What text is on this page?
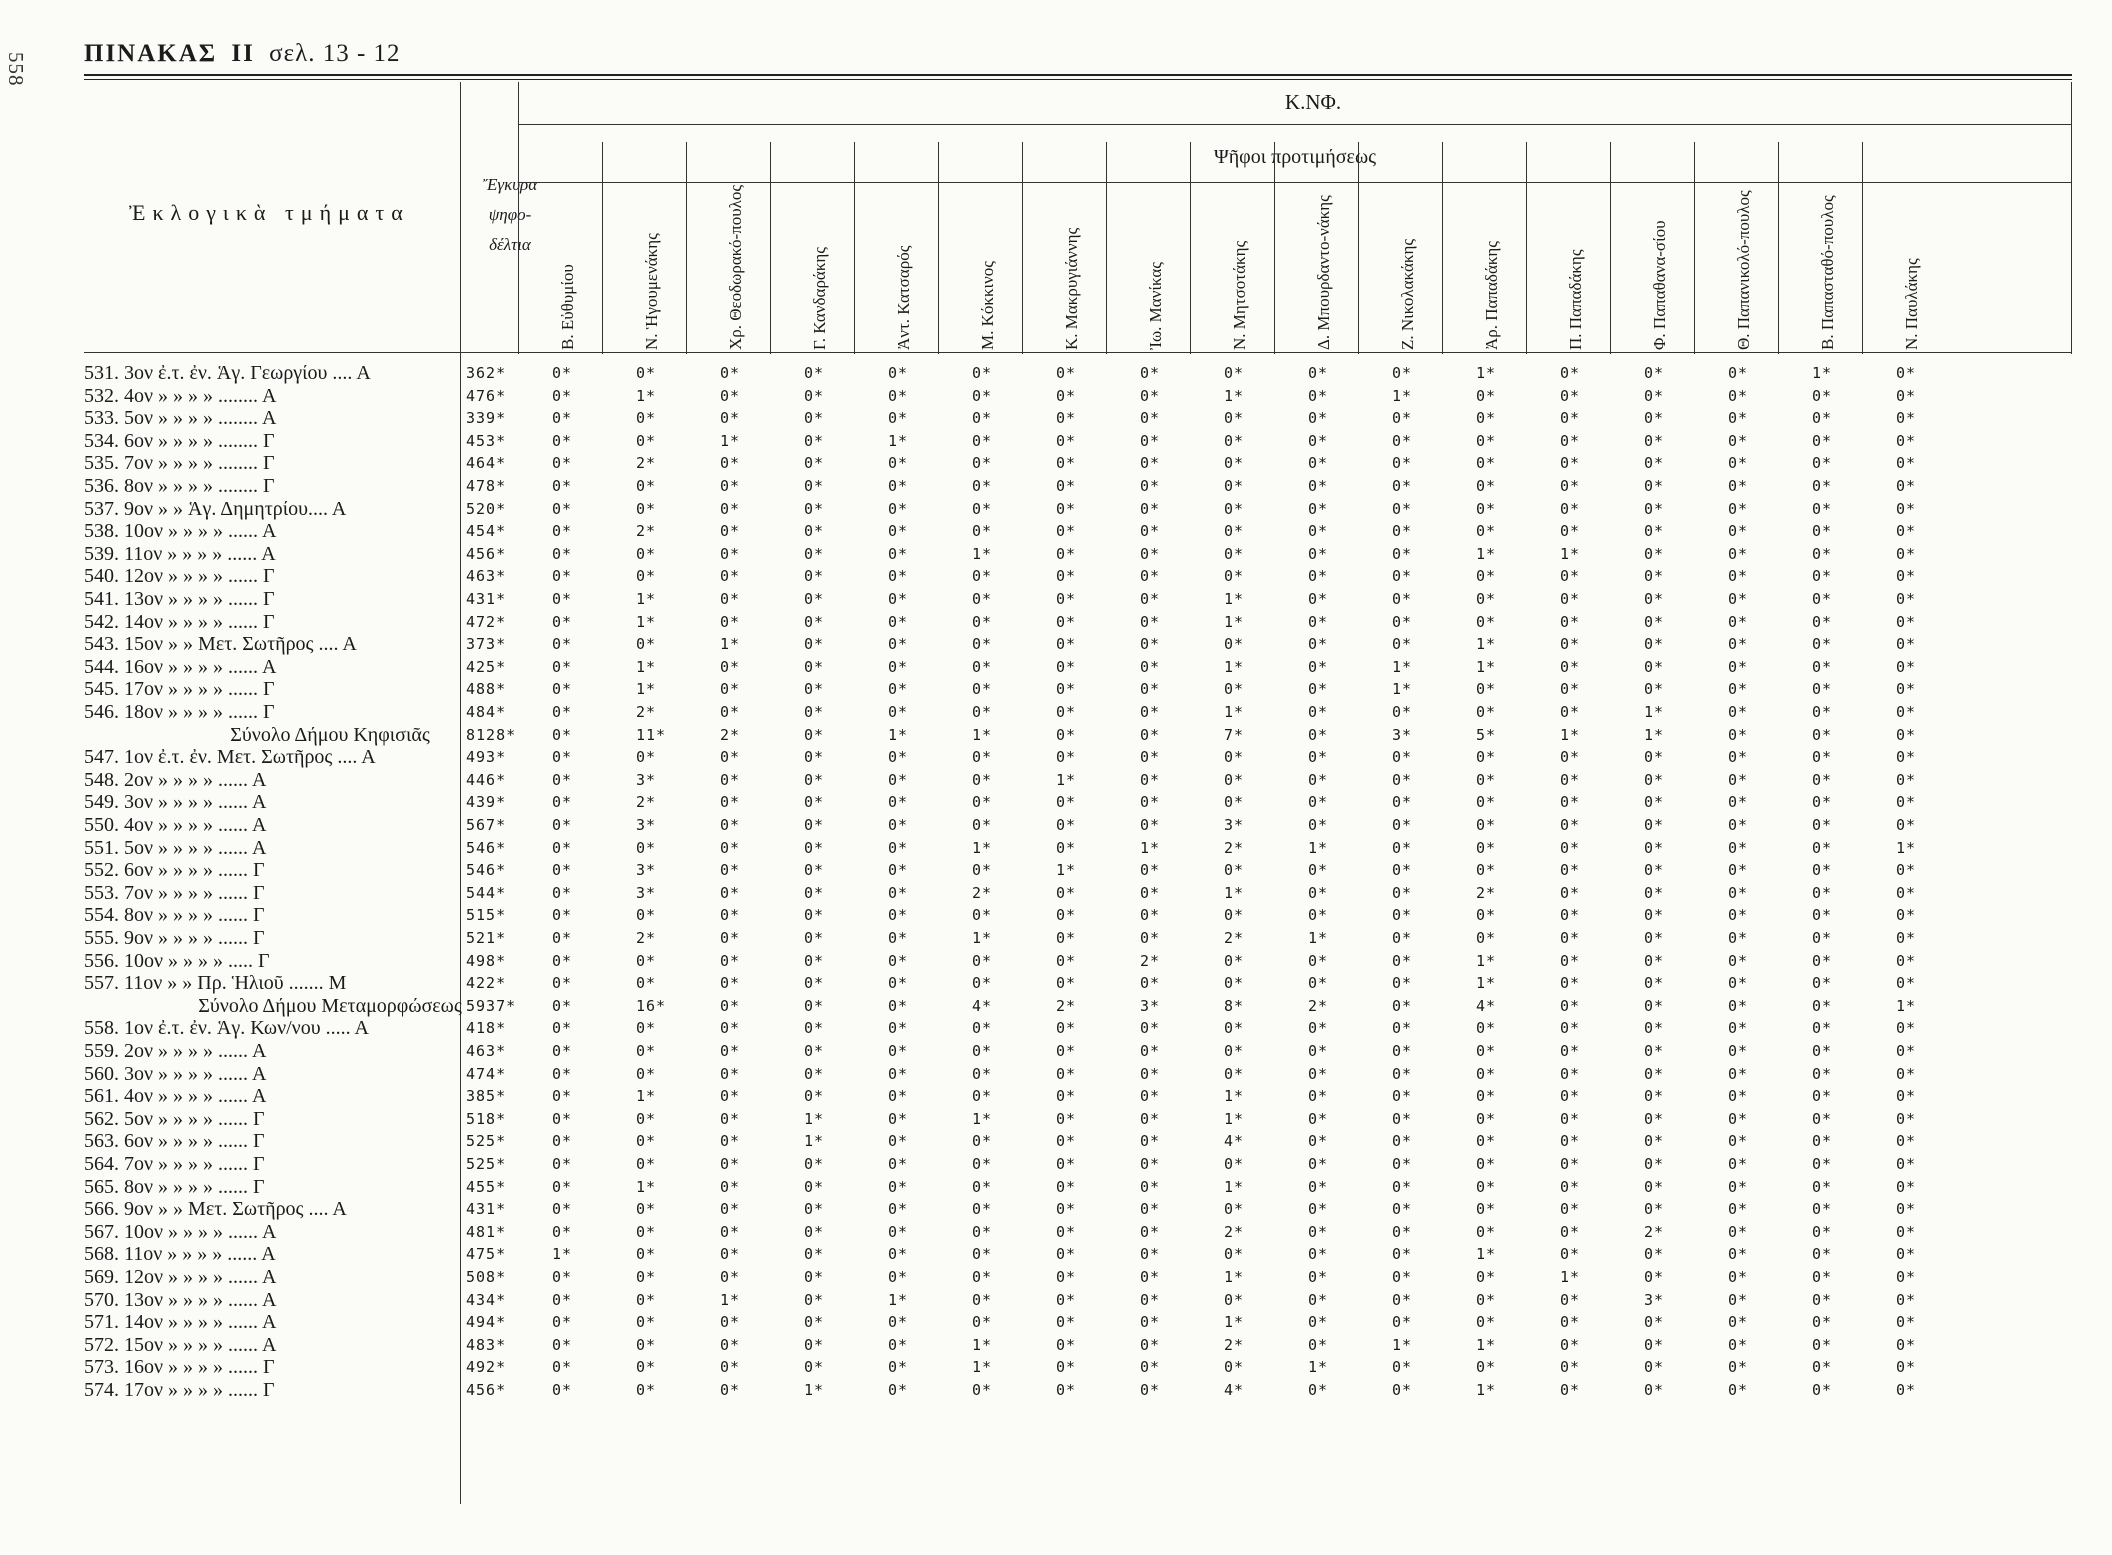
558 ΠΙΝΑΚΑΣ II σελ. 13 - 12
Ἐκλογικὰ τμήματα
Ἔγκυρα
ψηφο-
δέλτια
Κ.ΝΦ.
Ψῆφοι προτιμήσεως
Β. Εὐθυμίου	Ν. Ἡγουμενάκης	Χρ. Θεοδωρακό-πουλος	Γ. Κανδαράκης	Ἀντ. Κατσαρός	Μ. Κόκκινος	Κ. Μακρυγιάννης	Ἰω. Μανίκας	Ν. Μητσοτάκης	Δ. Μπουρδαντο-νάκης	Ζ. Νικολακάκης	Ἀρ. Παπαδάκης	Π. Παπαδάκης	Φ. Παπαθανα-σίου	Θ. Παπανικολό-πουλος	Β. Παπασταθό-πουλος	Ν. Παυλάκης
531. 3ον ἐ.τ. ἐν. Ἁγ. Γεωργίου .... Α	362*	0*	0*	0*	0*	0*	0*	0*	0*	0*	0*	0*	1*	0*	0*	0*	1*	0*
532. 4ον » » » » ........ Α	476*	0*	1*	0*	0*	0*	0*	0*	0*	1*	0*	1*	0*	0*	0*	0*	0*	0*
533. 5ον » » » » ........ Α	339*	0*	0*	0*	0*	0*	0*	0*	0*	0*	0*	0*	0*	0*	0*	0*	0*	0*
534. 6ον » » » » ........ Γ	453*	0*	0*	1*	0*	1*	0*	0*	0*	0*	0*	0*	0*	0*	0*	0*	0*	0*
535. 7ον » » » » ........ Γ	464*	0*	2*	0*	0*	0*	0*	0*	0*	0*	0*	0*	0*	0*	0*	0*	0*	0*
536. 8ον » » » » ........ Γ	478*	0*	0*	0*	0*	0*	0*	0*	0*	0*	0*	0*	0*	0*	0*	0*	0*	0*
537. 9ον » » Ἁγ. Δημητρίου.... Α	520*	0*	0*	0*	0*	0*	0*	0*	0*	0*	0*	0*	0*	0*	0*	0*	0*	0*
538. 10ον » » » » ...... Α	454*	0*	2*	0*	0*	0*	0*	0*	0*	0*	0*	0*	0*	0*	0*	0*	0*	0*
539. 11ον » » » » ...... Α	456*	0*	0*	0*	0*	0*	1*	0*	0*	0*	0*	0*	1*	1*	0*	0*	0*	0*
540. 12ον » » » » ...... Γ	463*	0*	0*	0*	0*	0*	0*	0*	0*	0*	0*	0*	0*	0*	0*	0*	0*	0*
541. 13ον » » » » ...... Γ	431*	0*	1*	0*	0*	0*	0*	0*	0*	1*	0*	0*	0*	0*	0*	0*	0*	0*
542. 14ον » » » » ...... Γ	472*	0*	1*	0*	0*	0*	0*	0*	0*	1*	0*	0*	0*	0*	0*	0*	0*	0*
543. 15ον » » Μετ. Σωτῆρος .... Α	373*	0*	0*	1*	0*	0*	0*	0*	0*	0*	0*	0*	1*	0*	0*	0*	0*	0*
544. 16ον » » » » ...... Α	425*	0*	1*	0*	0*	0*	0*	0*	0*	1*	0*	1*	1*	0*	0*	0*	0*	0*
545. 17ον » » » » ...... Γ	488*	0*	1*	0*	0*	0*	0*	0*	0*	0*	0*	1*	0*	0*	0*	0*	0*	0*
546. 18ον » » » » ...... Γ	484*	0*	2*	0*	0*	0*	0*	0*	0*	1*	0*	0*	0*	0*	1*	0*	0*	0*
Σύνολο Δήμου Κηφισιᾶς	8128* 0*	11*	2*	0*	1*	1*	0*	0*	7*	0*	3*	5*	1*	1*	0*	0*	0*
547. 1ον ἐ.τ. ἐν. Μετ. Σωτῆρος .... Α	493*	0*	0*	0*	0*	0*	0*	0*	0*	0*	0*	0*	0*	0*	0*	0*	0*	0*
548. 2ον » » » » ...... Α	446*	0*	3*	0*	0*	0*	0*	1*	0*	0*	0*	0*	0*	0*	0*	0*	0*	0*
549. 3ον » » » » ...... Α	439*	0*	2*	0*	0*	0*	0*	0*	0*	0*	0*	0*	0*	0*	0*	0*	0*	0*
550. 4ον » » » » ...... Α	567*	0*	3*	0*	0*	0*	0*	0*	0*	3*	0*	0*	0*	0*	0*	0*	0*	0*
551. 5ον » » » » ...... Α	546*	0*	0*	0*	0*	0*	1*	0*	1*	2*	1*	0*	0*	0*	0*	0*	0*	1*
552. 6ον » » » » ...... Γ	546*	0*	3*	0*	0*	0*	0*	1*	0*	0*	0*	0*	0*	0*	0*	0*	0*	0*
553. 7ον » » » » ...... Γ	544*	0*	3*	0*	0*	0*	2*	0*	0*	1*	0*	0*	2*	0*	0*	0*	0*	0*
554. 8ον » » » » ...... Γ	515*	0*	0*	0*	0*	0*	0*	0*	0*	0*	0*	0*	0*	0*	0*	0*	0*	0*
555. 9ον » » » » ...... Γ	521*	0*	2*	0*	0*	0*	1*	0*	0*	2*	1*	0*	0*	0*	0*	0*	0*	0*
556. 10ον » » » » ..... Γ	498*	0*	0*	0*	0*	0*	0*	0*	2*	0*	0*	0*	1*	0*	0*	0*	0*	0*
557. 11ον » » Πρ. Ἡλιοῦ ....... Μ	422*	0*	0*	0*	0*	0*	0*	0*	0*	0*	0*	0*	1*	0*	0*	0*	0*	0*
Σύνολο Δήμου Μεταμορφώσεως 5937* 0*	16*	0*	0*	0*	4*	2*	3*	8*	2*	0*	4*	0*	0*	0*	0*	1*
558. 1ον ἐ.τ. ἐν. Ἁγ. Κων/νου ..... Α	418*	0*	0*	0*	0*	0*	0*	0*	0*	0*	0*	0*	0*	0*	0*	0*	0*	0*
559. 2ον » » » » ...... Α	463*	0*	0*	0*	0*	0*	0*	0*	0*	0*	0*	0*	0*	0*	0*	0*	0*	0*
560. 3ον » » » » ...... Α	474*	0*	0*	0*	0*	0*	0*	0*	0*	0*	0*	0*	0*	0*	0*	0*	0*	0*
561. 4ον » » » » ...... Α	385*	0*	1*	0*	0*	0*	0*	0*	0*	1*	0*	0*	0*	0*	0*	0*	0*	0*
562. 5ον » » » » ...... Γ	518*	0*	0*	0*	1*	0*	1*	0*	0*	1*	0*	0*	0*	0*	0*	0*	0*	0*
563. 6ον » » » » ...... Γ	525*	0*	0*	0*	1*	0*	0*	0*	0*	4*	0*	0*	0*	0*	0*	0*	0*	0*
564. 7ον » » » » ...... Γ	525*	0*	0*	0*	0*	0*	0*	0*	0*	0*	0*	0*	0*	0*	0*	0*	0*	0*
565. 8ον » » » » ...... Γ	455*	0*	1*	0*	0*	0*	0*	0*	0*	1*	0*	0*	0*	0*	0*	0*	0*	0*
566. 9ον » » Μετ. Σωτῆρος .... Α	431*	0*	0*	0*	0*	0*	0*	0*	0*	0*	0*	0*	0*	0*	0*	0*	0*	0*
567. 10ον » » » » ...... Α	481*	0*	0*	0*	0*	0*	0*	0*	0*	2*	0*	0*	0*	0*	2*	0*	0*	0*
568. 11ον » » » » ...... Α	475*	1*	0*	0*	0*	0*	0*	0*	0*	0*	0*	0*	1*	0*	0*	0*	0*	0*
569. 12ον » » » » ...... Α	508*	0*	0*	0*	0*	0*	0*	0*	0*	1*	0*	0*	0*	1*	0*	0*	0*	0*
570. 13ον » » » » ...... Α	434*	0*	0*	1*	0*	1*	0*	0*	0*	0*	0*	0*	0*	0*	3*	0*	0*	0*
571. 14ον » » » » ...... Α	494*	0*	0*	0*	0*	0*	0*	0*	0*	1*	0*	0*	0*	0*	0*	0*	0*	0*
572. 15ον » » » » ...... Α	483*	0*	0*	0*	0*	0*	1*	0*	0*	2*	0*	1*	1*	0*	0*	0*	0*	0*
573. 16ον » » » » ...... Γ	492*	0*	0*	0*	0*	0*	1*	0*	0*	0*	1*	0*	0*	0*	0*	0*	0*	0*
574. 17ον » » » » ...... Γ	456*	0*	0*	0*	1*	0*	0*	0*	0*	4*	0*	0*	1*	0*	0*	0*	0*	0*
